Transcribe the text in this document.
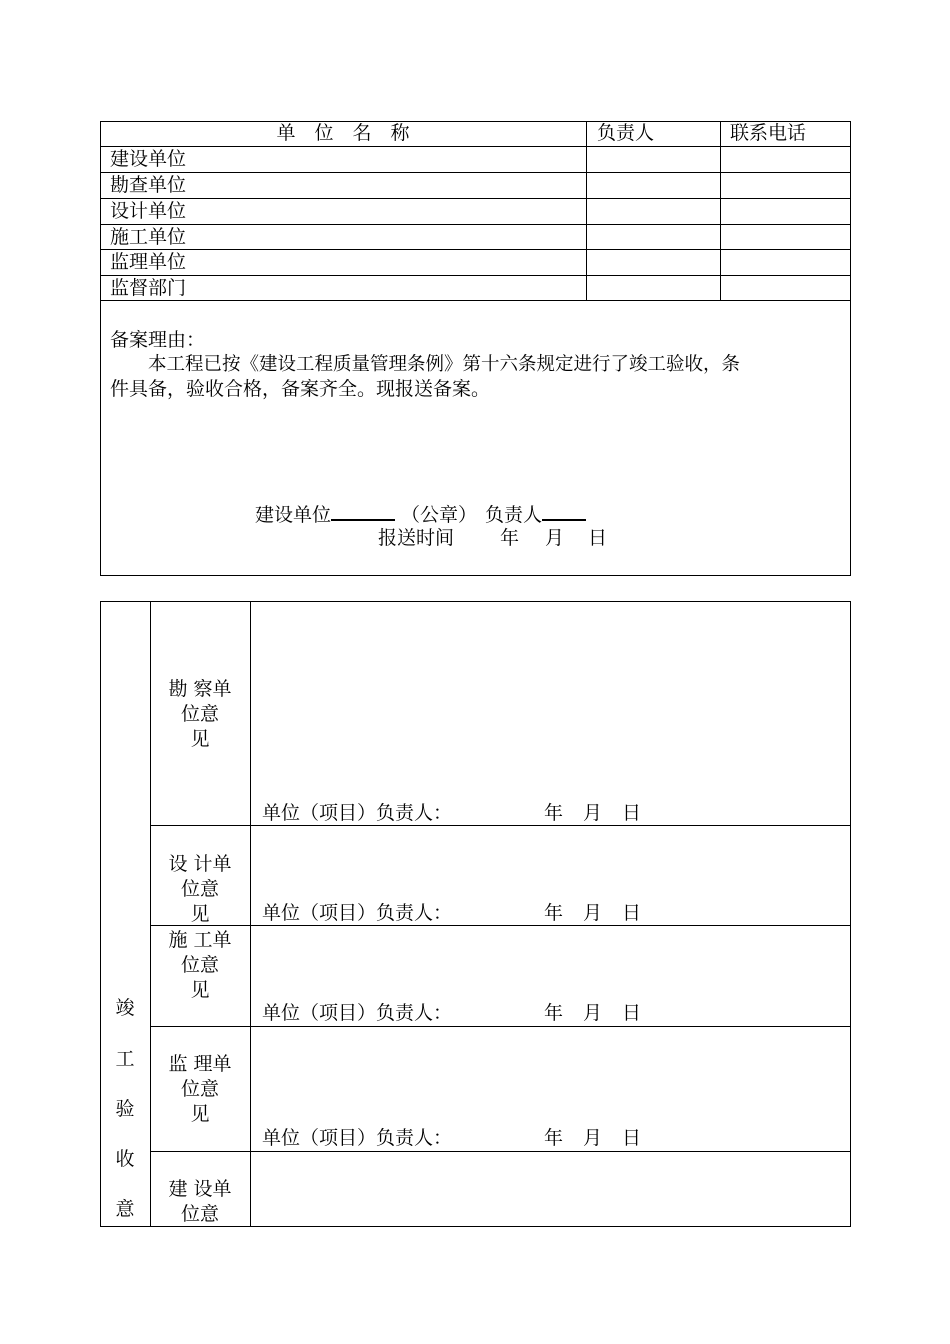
单　位　名　称	负责人	联系电话
建设单位
勘查单位
设计单位
施工单位
监理单位
监督部门
备案理由：
本工程已按《建设工程质量管理条例》第十六条规定进行了竣工验收，条
件具备，验收合格，备案齐全。现报送备案。
建设单位	（公章） 负责人
报送时间 年 月 日
竣
工
验
收
意
勘 察单
位意
见
单位（项目）负责人：	年 月 日
设 计单
位意
见	单位（项目）负责人：	年 月 日
施 工单
位意
见
单位（项目）负责人：	年 月 日
监 理单
位意
见
单位（项目）负责人：	年 月 日
建 设单
位意
